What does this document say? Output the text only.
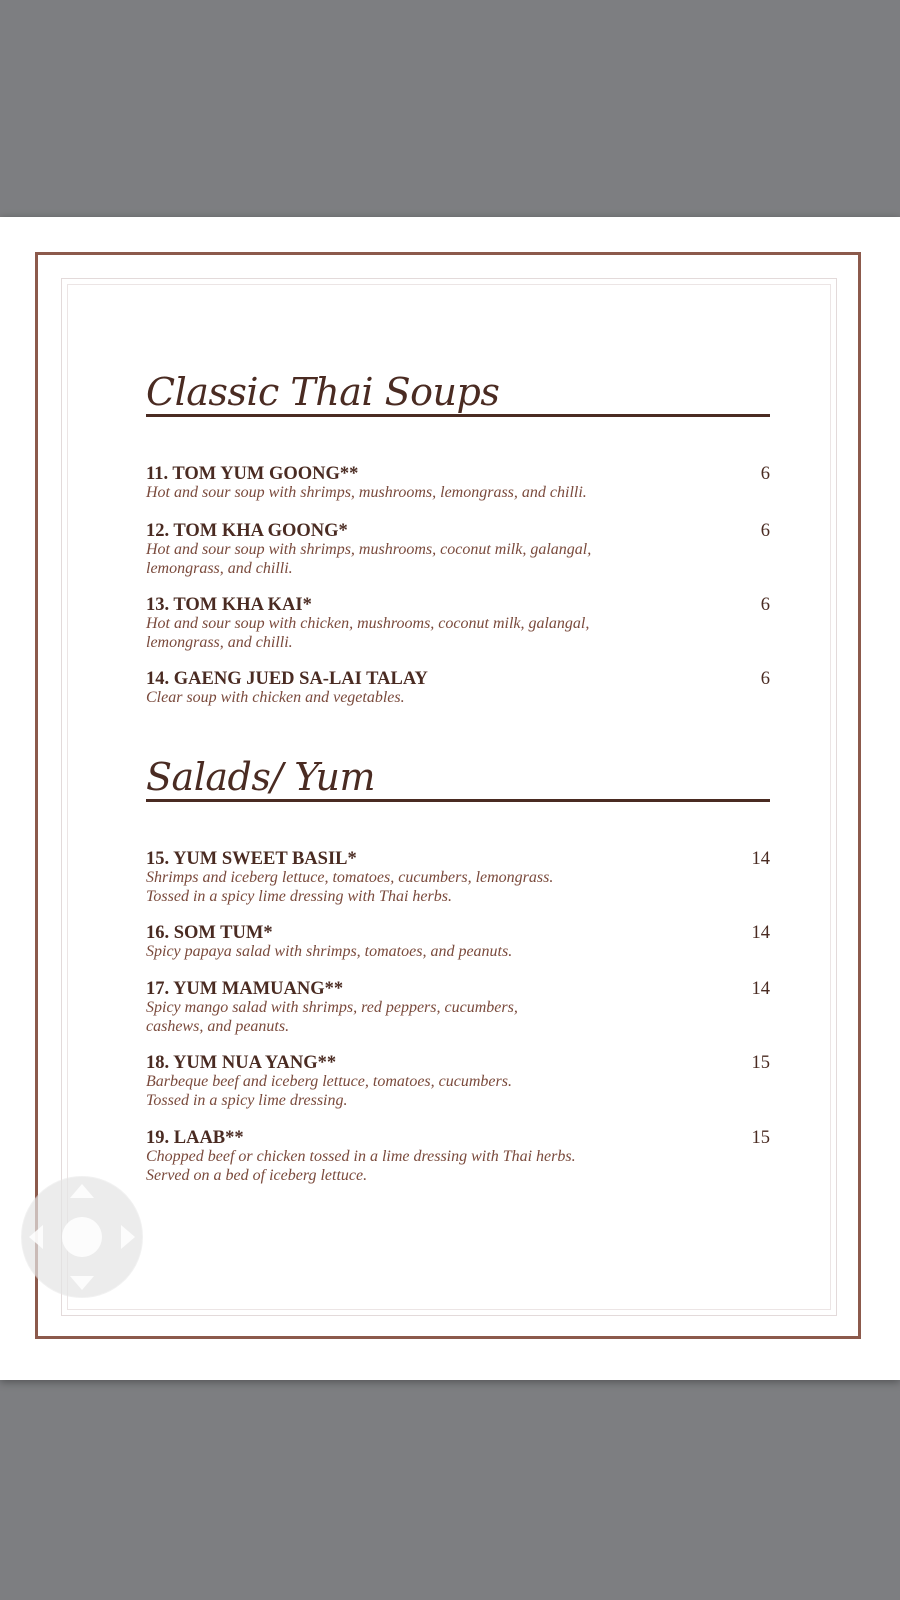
Classic Thai Soups

11. TOM YUM GOONG**	6

Hot and sour soup with shrimps, mushrooms, lemongrass, and chilli.

12. TOM KHA GOONG*	6

Hot and sour soup with shrimps, mushrooms, coconut milk, galangal,

lemongrass, and chilli.

13. TOM KHA KAI*	6

Hot and sour soup with chicken, mushrooms, coconut milk, galangal,

lemongrass, and chilli.

14. GAENG JUED SA-LAI TALAY	6

Clear soup with chicken and vegetables.

Salads/ Yum

15. YUM SWEET BASIL*	14

Shrimps and iceberg lettuce, tomatoes, cucumbers, lemongrass.

Tossed in a spicy lime dressing with Thai herbs.

16. SOM TUM*	14

Spicy papaya salad with shrimps, tomatoes, and peanuts.

17. YUM MAMUANG**	14

Spicy mango salad with shrimps, red peppers, cucumbers,

cashews, and peanuts.

18. YUM NUA YANG**	15

Barbeque beef and iceberg lettuce, tomatoes, cucumbers.

Tossed in a spicy lime dressing.

19. LAAB**	15

Chopped beef or chicken tossed in a lime dressing with Thai herbs.

Served on a bed of iceberg lettuce.
